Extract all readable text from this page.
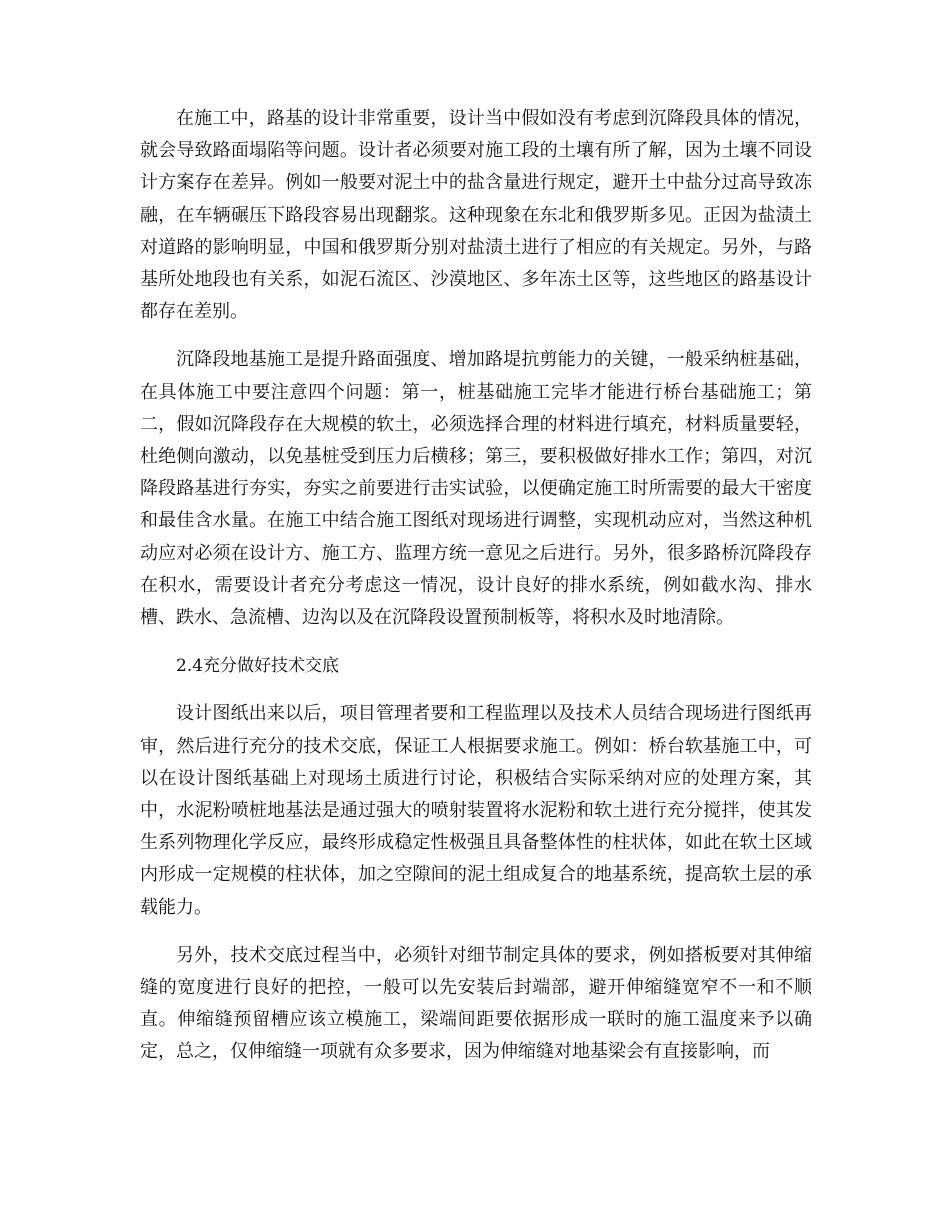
在施工中，路基的设计非常重要，设计当中假如没有考虑到沉降段具体的情况，就会导致路面塌陷等问题。设计者必须要对施工段的土壤有所了解，因为土壤不同设计方案存在差异。例如一般要对泥土中的盐含量进行规定，避开土中盐分过高导致冻融，在车辆碾压下路段容易出现翻浆。这种现象在东北和俄罗斯多见。正因为盐渍土对道路的影响明显，中国和俄罗斯分别对盐渍土进行了相应的有关规定。另外，与路基所处地段也有关系，如泥石流区、沙漠地区、多年冻土区等，这些地区的路基设计都存在差别。

沉降段地基施工是提升路面强度、增加路堤抗剪能力的关键，一般采纳桩基础，在具体施工中要注意四个问题：第一，桩基础施工完毕才能进行桥台基础施工；第二，假如沉降段存在大规模的软土，必须选择合理的材料进行填充，材料质量要轻，杜绝侧向激动，以免基桩受到压力后横移；第三，要积极做好排水工作；第四，对沉降段路基进行夯实，夯实之前要进行击实试验，以便确定施工时所需要的最大干密度和最佳含水量。在施工中结合施工图纸对现场进行调整，实现机动应对，当然这种机动应对必须在设计方、施工方、监理方统一意见之后进行。另外，很多路桥沉降段存在积水，需要设计者充分考虑这一情况，设计良好的排水系统，例如截水沟、排水槽、跌水、急流槽、边沟以及在沉降段设置预制板等，将积水及时地清除。

2.4充分做好技术交底

设计图纸出来以后，项目管理者要和工程监理以及技术人员结合现场进行图纸再审，然后进行充分的技术交底，保证工人根据要求施工。例如：桥台软基施工中，可以在设计图纸基础上对现场土质进行讨论，积极结合实际采纳对应的处理方案，其中，水泥粉喷桩地基法是通过强大的喷射装置将水泥粉和软土进行充分搅拌，使其发生系列物理化学反应，最终形成稳定性极强且具备整体性的柱状体，如此在软土区域内形成一定规模的柱状体，加之空隙间的泥土组成复合的地基系统，提高软土层的承载能力。

另外，技术交底过程当中，必须针对细节制定具体的要求，例如搭板要对其伸缩缝的宽度进行良好的把控，一般可以先安装后封端部，避开伸缩缝宽窄不一和不顺直。伸缩缝预留槽应该立模施工，梁端间距要依据形成一联时的施工温度来予以确定，总之，仅伸缩缝一项就有众多要求，因为伸缩缝对地基梁会有直接影响，而
